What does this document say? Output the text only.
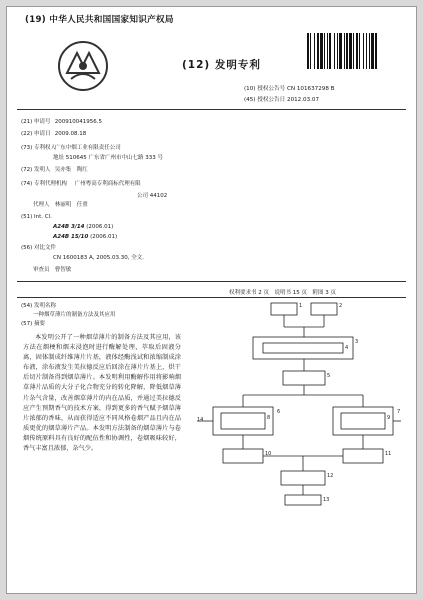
(19) 中华人民共和国国家知识产权局
(12) 发明专利
(10) 授权公告号 CN 101637298 B
(45) 授权公告日 2012.03.07
(21) 申请号 200910041956.5
(22) 申请日 2009.08.18
(73) 专利权人 广东中烟工业有限责任公司
地址 510645 广东省广州市中山七路 333 号
(72) 发明人 吴亦集　陶红
(74) 专利代理机构 广州粤高专利商标代理有限
公司 44102
代理人 林丽明　任重
(51) Int. Cl.
A24B 3/14 (2006.01)
A24B 15/10 (2006.01)
(56) 对比文件
CN 1600183 A, 2005.03.30, 全文.
审查员 曹智敏
权利要求书 2 页　说明书 15 页　附图 3 页
(54) 发明名称
一种烟草薄片的制备方法及其应用
(57) 摘要
本发明公开了一种烟草薄片的制备方法及其应用，该方法在烟梗和烟末浸泡时进行酶解处理，萃取后固液分离，固体制成纤维薄片片基，液体经酶浅试和浓缩制成涂布液，涂布液发生美拉德反应后回涂在薄片片基上，烘干后切片制备得到烟草薄片。本发明利用酶解作用将影响烟草薄片品质的大分子化合物充分的转化降解，降低烟草薄片杂气含量，改善烟草薄片的内在品质，并通过美拉德反应产生预期香气的技术方案，得到更多的香气赋予烟草薄片浓郁的香味，从而获得适应不同风格卷烟产品且内在品质更优的烟草薄片产品。本发明方法制备的烟草薄片与卷烟传统原料具有良好的配伍性和协调性，卷烟吸味较好，香气丰富且浓郁，杂气少。
1	2
3
4
5
6	7
8	9
10	11
12
13
14
